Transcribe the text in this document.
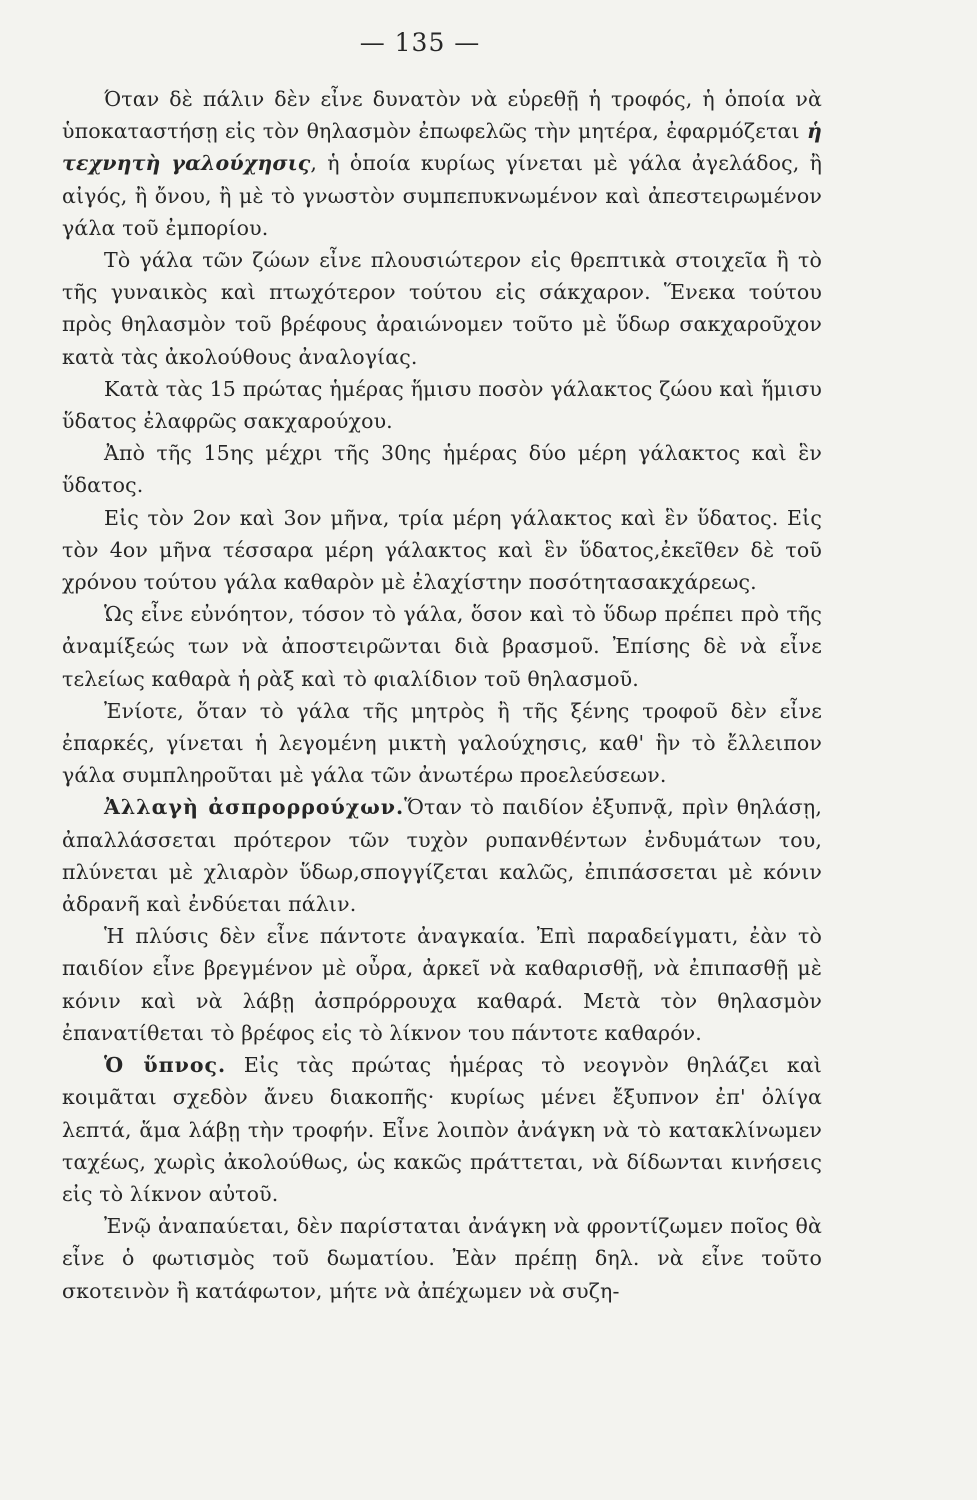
— 135 —

Όταν δὲ πάλιν δὲν εἶνε δυνατὸν νὰ εὑρεθῇ ἡ τροφός, ἡ ὁποία νὰ ὑποκαταστήσῃ εἰς τὸν θηλασμὸν ἐπωφελῶς τὴν μητέρα, ἐφαρμόζεται ἡ τεχνητὴ γαλούχησις, ἡ ὁποία κυρίως γίνεται μὲ γάλα ἀγελάδος, ἢ αἰγός, ἢ ὄνου, ἢ μὲ τὸ γνωστὸν συμπεπυκνωμένον καὶ ἀπεστειρωμένον γάλα τοῦ ἐμπορίου.

Τὸ γάλα τῶν ζώων εἶνε πλουσιώτερον εἰς θρεπτικὰ στοιχεῖα ἢ τὸ τῆς γυναικὸς καὶ πτωχότερον τούτου εἰς σάκχαρον. Ἕνεκα τούτου πρὸς θηλασμὸν τοῦ βρέφους ἀραιώνομεν τοῦτο μὲ ὕδωρ σακχαροῦχον κατὰ τὰς ἀκολούθους ἀναλογίας.

Κατὰ τὰς 15 πρώτας ἡμέρας ἥμισυ ποσὸν γάλακτος ζώου καὶ ἥμισυ ὕδατος ἐλαφρῶς σακχαρούχου.

Ἀπὸ τῆς 15ης μέχρι τῆς 30ης ἡμέρας δύο μέρη γάλακτος καὶ ἓν ὕδατος.

Εἰς τὸν 2ον καὶ 3ον μῆνα, τρία μέρη γάλακτος καὶ ἓν ὕδατος. Εἰς τὸν 4ον μῆνα τέσσαρα μέρη γάλακτος καὶ ἓν ὕδατος,ἐκεῖθεν δὲ τοῦ χρόνου τούτου γάλα καθαρὸν μὲ ἐλαχίστην ποσότητασακχάρεως.

Ὡς εἶνε εὐνόητον, τόσον τὸ γάλα, ὅσον καὶ τὸ ὕδωρ πρέπει πρὸ τῆς ἀναμίξεώς των νὰ ἀποστειρῶνται διὰ βρασμοῦ. Ἐπίσης δὲ νὰ εἶνε τελείως καθαρὰ ἡ ρὰξ καὶ τὸ φιαλίδιον τοῦ θηλασμοῦ.

Ἐνίοτε, ὅταν τὸ γάλα τῆς μητρὸς ἢ τῆς ξένης τροφοῦ δὲν εἶνε ἐπαρκές, γίνεται ἡ λεγομένη μικτὴ γαλούχησις, καθ' ἣν τὸ ἔλλειπον γάλα συμπληροῦται μὲ γάλα τῶν ἀνωτέρω προελεύσεων.

Ἀλλαγὴ ἀσπρορρούχων.Ὅταν τὸ παιδίον ἐξυπνᾷ, πρὶν θηλάσῃ, ἀπαλλάσσεται πρότερον τῶν τυχὸν ρυπανθέντων ἐνδυμάτων του, πλύνεται μὲ χλιαρὸν ὕδωρ,σπογγίζεται καλῶς, ἐπιπάσσεται μὲ κόνιν ἀδρανῆ καὶ ἐνδύεται πάλιν.

Ἡ πλύσις δὲν εἶνε πάντοτε ἀναγκαία. Ἐπὶ παραδείγματι, ἐὰν τὸ παιδίον εἶνε βρεγμένον μὲ οὖρα, ἀρκεῖ νὰ καθαρισθῇ, νὰ ἐπιπασθῇ μὲ κόνιν καὶ νὰ λάβῃ ἀσπρόρρουχα καθαρά. Μετὰ τὸν θηλασμὸν ἐπανατίθεται τὸ βρέφος εἰς τὸ λίκνον του πάντοτε καθαρόν.

Ὁ ὕπνος. Εἰς τὰς πρώτας ἡμέρας τὸ νεογνὸν θηλάζει καὶ κοιμᾶται σχεδὸν ἄνευ διακοπῆς· κυρίως μένει ἔξυπνον ἐπ' ὀλίγα λεπτά, ἅμα λάβῃ τὴν τροφήν. Εἶνε λοιπὸν ἀνάγκη νὰ τὸ κατακλίνωμεν ταχέως, χωρὶς ἀκολούθως, ὡς κακῶς πράττεται, νὰ δίδωνται κινήσεις εἰς τὸ λίκνον αὐτοῦ.

Ἐνῷ ἀναπαύεται, δὲν παρίσταται ἀνάγκη νὰ φροντίζωμεν ποῖος θὰ εἶνε ὁ φωτισμὸς τοῦ δωματίου. Ἐὰν πρέπῃ δηλ. νὰ εἶνε τοῦτο σκοτεινὸν ἢ κατάφωτον, μήτε νὰ ἀπέχωμεν νὰ συζη-
